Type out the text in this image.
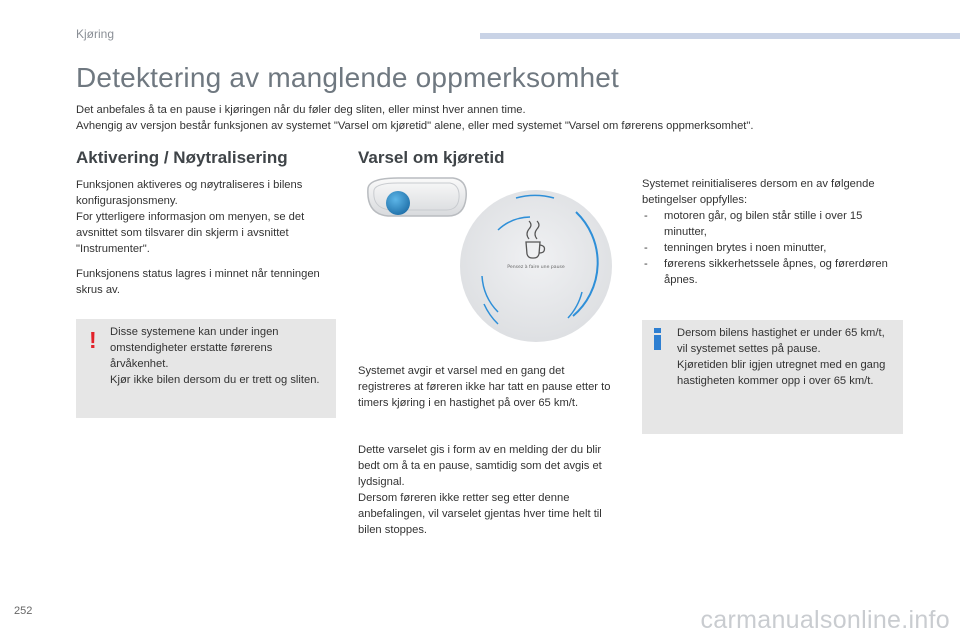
Kjøring
Detektering av manglende oppmerksomhet
Det anbefales å ta en pause i kjøringen når du føler deg sliten, eller minst hver annen time.
Avhengig av versjon består funksjonen av systemet "Varsel om kjøretid" alene, eller med systemet "Varsel om førerens oppmerksomhet".
Aktivering / Nøytralisering
Funksjonen aktiveres og nøytraliseres i bilens konfigurasjonsmeny.
For ytterligere informasjon om menyen, se det avsnittet som tilsvarer din skjerm i avsnittet "Instrumenter".
Funksjonens status lagres i minnet når tenningen skrus av.
! Disse systemene kan under ingen omstendigheter erstatte førerens årvåkenhet.
Kjør ikke bilen dersom du er trett og sliten.
Varsel om kjøretid
Pensez à faire une pause
Systemet avgir et varsel med en gang det registreres at føreren ikke har tatt en pause etter to timers kjøring i en hastighet på over 65 km/t.
Dette varselet gis i form av en melding der du blir bedt om å ta en pause, samtidig som det avgis et lydsignal.
Dersom føreren ikke retter seg etter denne anbefalingen, vil varselet gjentas hver time helt til bilen stoppes.
Systemet reinitialiseres dersom en av følgende betingelser oppfylles:
- motoren går, og bilen står stille i over 15 minutter,
- tenningen brytes i noen minutter,
- førerens sikkerhetssele åpnes, og førerdøren åpnes.
Dersom bilens hastighet er under 65 km/t, vil systemet settes på pause.
Kjøretiden blir igjen utregnet med en gang hastigheten kommer opp i over 65 km/t.
252	carmanualsonline.info
